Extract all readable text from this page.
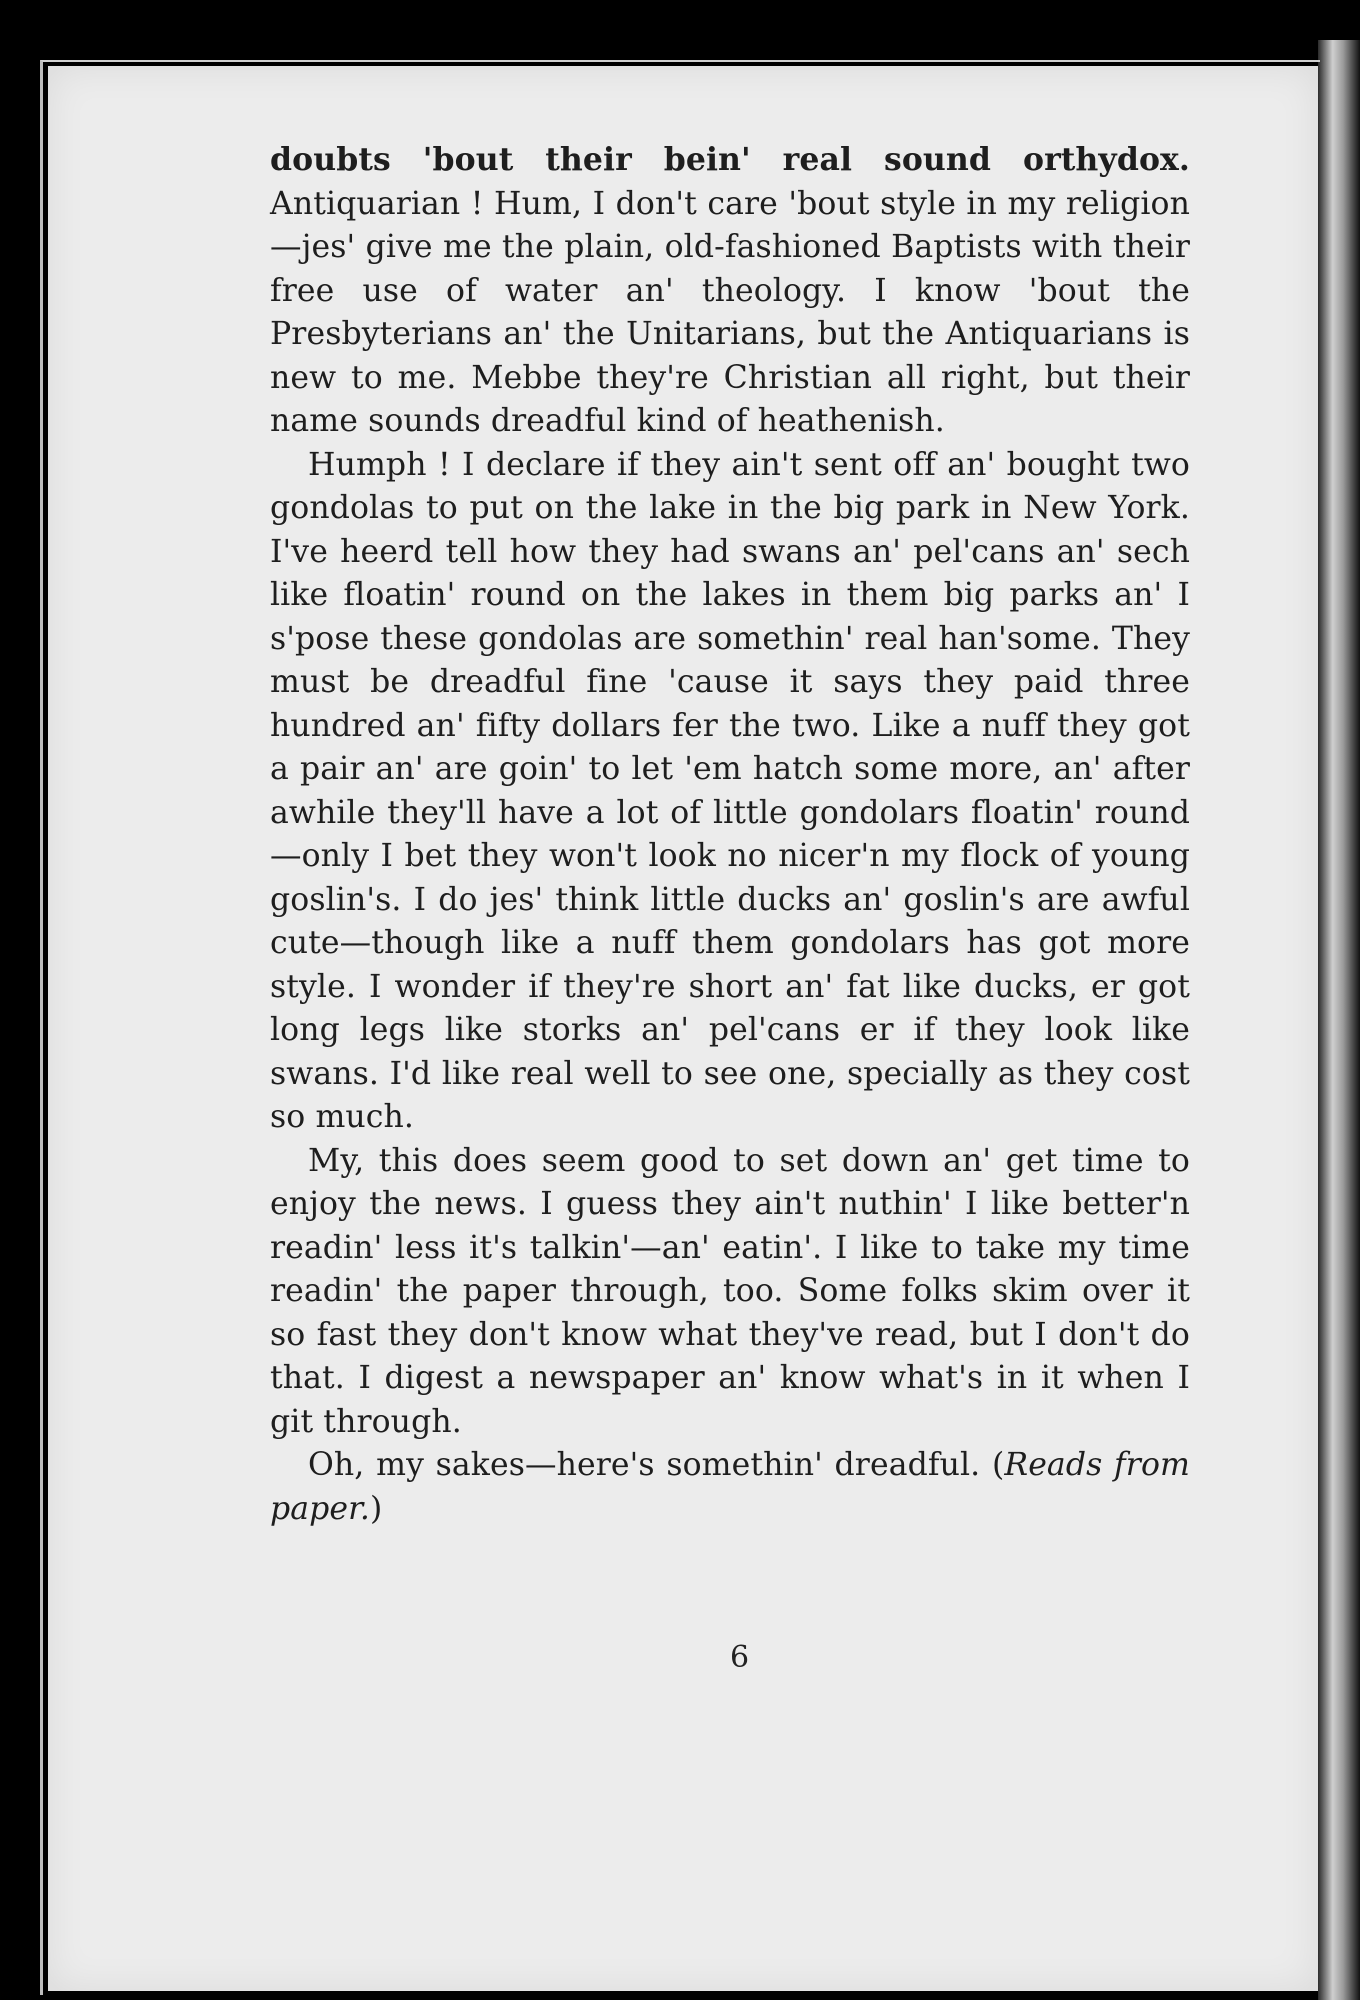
doubts 'bout their bein' real sound orthydox. Antiquarian ! Hum, I don't care 'bout style in my religion—jes' give me the plain, old-fashioned Baptists with their free use of water an' theology. I know 'bout the Presbyterians an' the Unitarians, but the Antiquarians is new to me. Mebbe they're Christian all right, but their name sounds dreadful kind of heathenish.

Humph ! I declare if they ain't sent off an' bought two gondolas to put on the lake in the big park in New York. I've heerd tell how they had swans an' pel'cans an' sech like floatin' round on the lakes in them big parks an' I s'pose these gondolas are somethin' real han'some. They must be dreadful fine 'cause it says they paid three hundred an' fifty dollars fer the two. Like a nuff they got a pair an' are goin' to let 'em hatch some more, an' after awhile they'll have a lot of little gondolars floatin' round—only I bet they won't look no nicer'n my flock of young goslin's. I do jes' think little ducks an' goslin's are awful cute—though like a nuff them gondolars has got more style. I wonder if they're short an' fat like ducks, er got long legs like storks an' pel'cans er if they look like swans. I'd like real well to see one, specially as they cost so much.

My, this does seem good to set down an' get time to enjoy the news. I guess they ain't nuthin' I like better'n readin' less it's talkin'—an' eatin'. I like to take my time readin' the paper through, too. Some folks skim over it so fast they don't know what they've read, but I don't do that. I digest a newspaper an' know what's in it when I git through.

Oh, my sakes—here's somethin' dreadful. (Reads from paper.)

6
